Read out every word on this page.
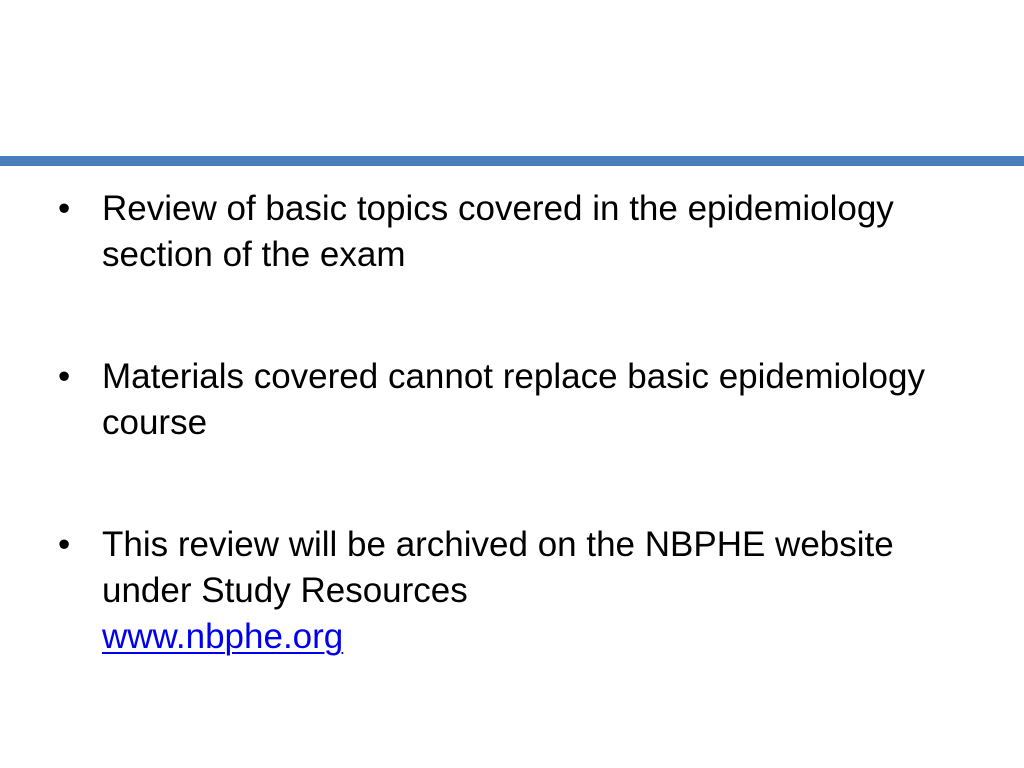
• Review of basic topics covered in the epidemiology section of the exam
• Materials covered cannot replace basic epidemiology course
• This review will be archived on the NBPHE website under Study Resources
www.nbphe.org
